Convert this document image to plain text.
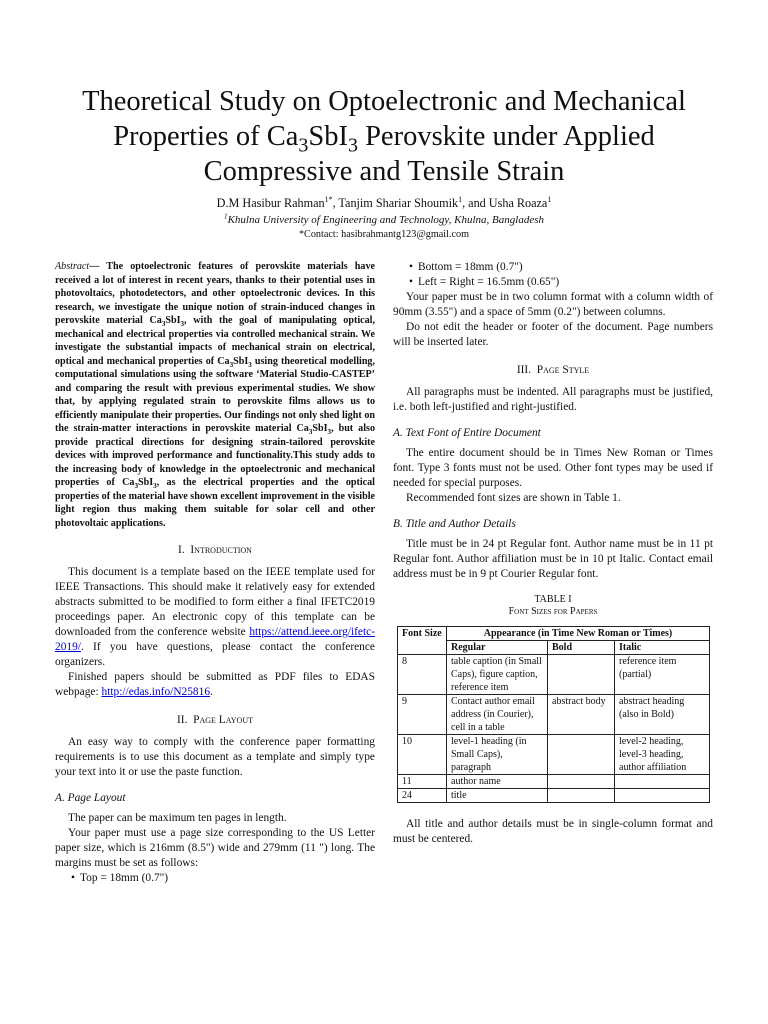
Theoretical Study on Optoelectronic and Mechanical
Properties of $Ca_3SbI_3$ Perovskite under Applied
Compressive and Tensile Strain
D.M Hasibur Rahman$^{1*}$, Tanjim Shariar Shoumik$^1$, and Usha Roaza$^1$
$^1$Khulna University of Engineering and Technology, Khulna, Bangladesh
*Contact: hasibrahmantg123@gmail.com

Abstract— The optoelectronic features of perovskite materials have received a lot of interest in recent years, thanks to their potential uses in photovoltaics, photodetectors, and other optoelectronic devices. In this research, we investigate the unique notion of strain-induced changes in perovskite material $Ca_3SbI_3$, with the goal of manipulating optical, mechanical and electrical properties via controlled mechanical strain. We investigate the substantial impacts of mechanical strain on electrical, optical and mechanical properties of $Ca_3SbI_3$ using theoretical modelling, computational simulations using the software ‘Material Studio-CASTEP’ and comparing the result with previous experimental studies. We show that, by applying regulated strain to perovskite films allows us to efficiently manipulate their properties. Our findings not only shed light on the strain-matter interactions in perovskite material $Ca_3SbI_3$, but also provide practical directions for designing strain-tailored perovskite devices with improved performance and functionality.This study adds to the increasing body of knowledge in the optoelectronic and mechanical properties of $Ca_3SbI_3$, as the electrical properties and the optical properties of the material have shown excellent improvement in the visible light region thus making them suitable for solar cell and other photovoltaic applications.

I. Introduction

This document is a template based on the IEEE template used for IEEE Transactions. This should make it relatively easy for extended abstracts submitted to be modified to form either a final IFETC2019 proceedings paper. An electronic copy of this template can be downloaded from the conference website https://attend.ieee.org/ifetc-2019/. If you have questions, please contact the conference organizers.

Finished papers should be submitted as PDF files to EDAS webpage: http://edas.info/N25816.

II. Page Layout

An easy way to comply with the conference paper formatting requirements is to use this document as a template and simply type your text into it or use the paste function.

A. Page Layout

The paper can be maximum ten pages in length.

Your paper must use a page size corresponding to the US Letter paper size, which is 216mm (8.5") wide and 279mm (11 ") long. The margins must be set as follows:

• Top = 18mm (0.7")
• Bottom = 18mm (0.7")
• Left = Right = 16.5mm (0.65")

Your paper must be in two column format with a column width of 90mm (3.55") and a space of 5mm (0.2") between columns.

Do not edit the header or footer of the document. Page numbers will be inserted later.

III. Page Style

All paragraphs must be indented. All paragraphs must be justified, i.e. both left-justified and right-justified.

A. Text Font of Entire Document

The entire document should be in Times New Roman or Times font. Type 3 fonts must not be used. Other font types may be used if needed for special purposes.

Recommended font sizes are shown in Table 1.

B. Title and Author Details

Title must be in 24 pt Regular font. Author name must be in 11 pt Regular font. Author affiliation must be in 10 pt Italic. Contact email address must be in 9 pt Courier Regular font.

TABLE I
Font Sizes for Papers
Font Size	Appearance (in Time New Roman or Times)		
	Regular	Bold	Italic
8	table caption (in Small Caps), figure caption, reference item		reference item (partial)
9	Contact author email address (in Courier), cell in a table	abstract body	abstract heading (also in Bold)
10	level-1 heading (in Small Caps), paragraph		level-2 heading, level-3 heading, author affiliation
11	author name		
24	title		

All title and author details must be in single-column format and must be centered.
